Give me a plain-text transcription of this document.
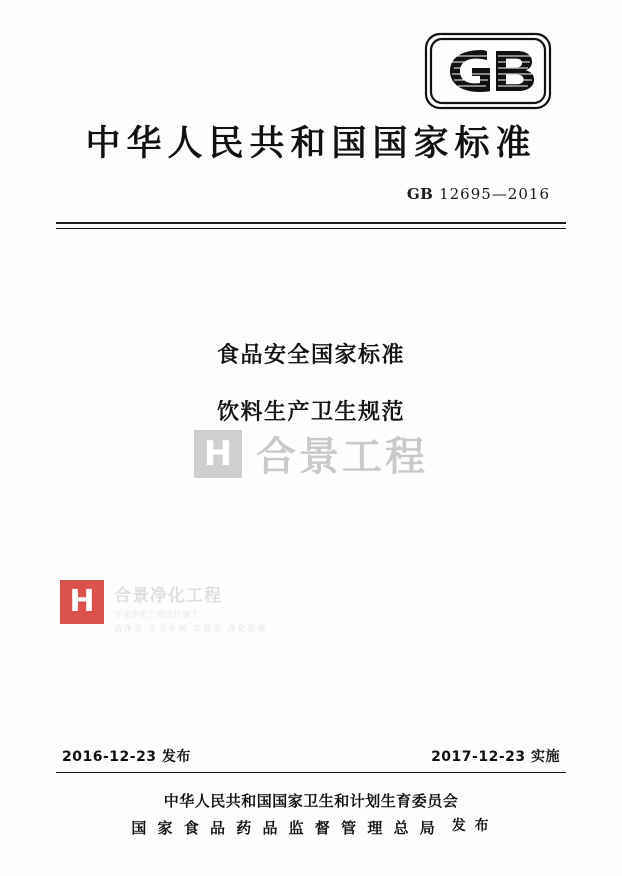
中华人民共和国国家标准
GB 12695—2016
食品安全国家标准
饮料生产卫生规范
H 合景工程
H	合景净化工程
专业净化工程设计施工
洁净室 无尘车间 实验室 净化装修
2016-12-23 发布	2017-12-23 实施
中华人民共和国国家卫生和计划生育委员会
国 家 食 品 药 品 监 督 管 理 总 局 发 布
